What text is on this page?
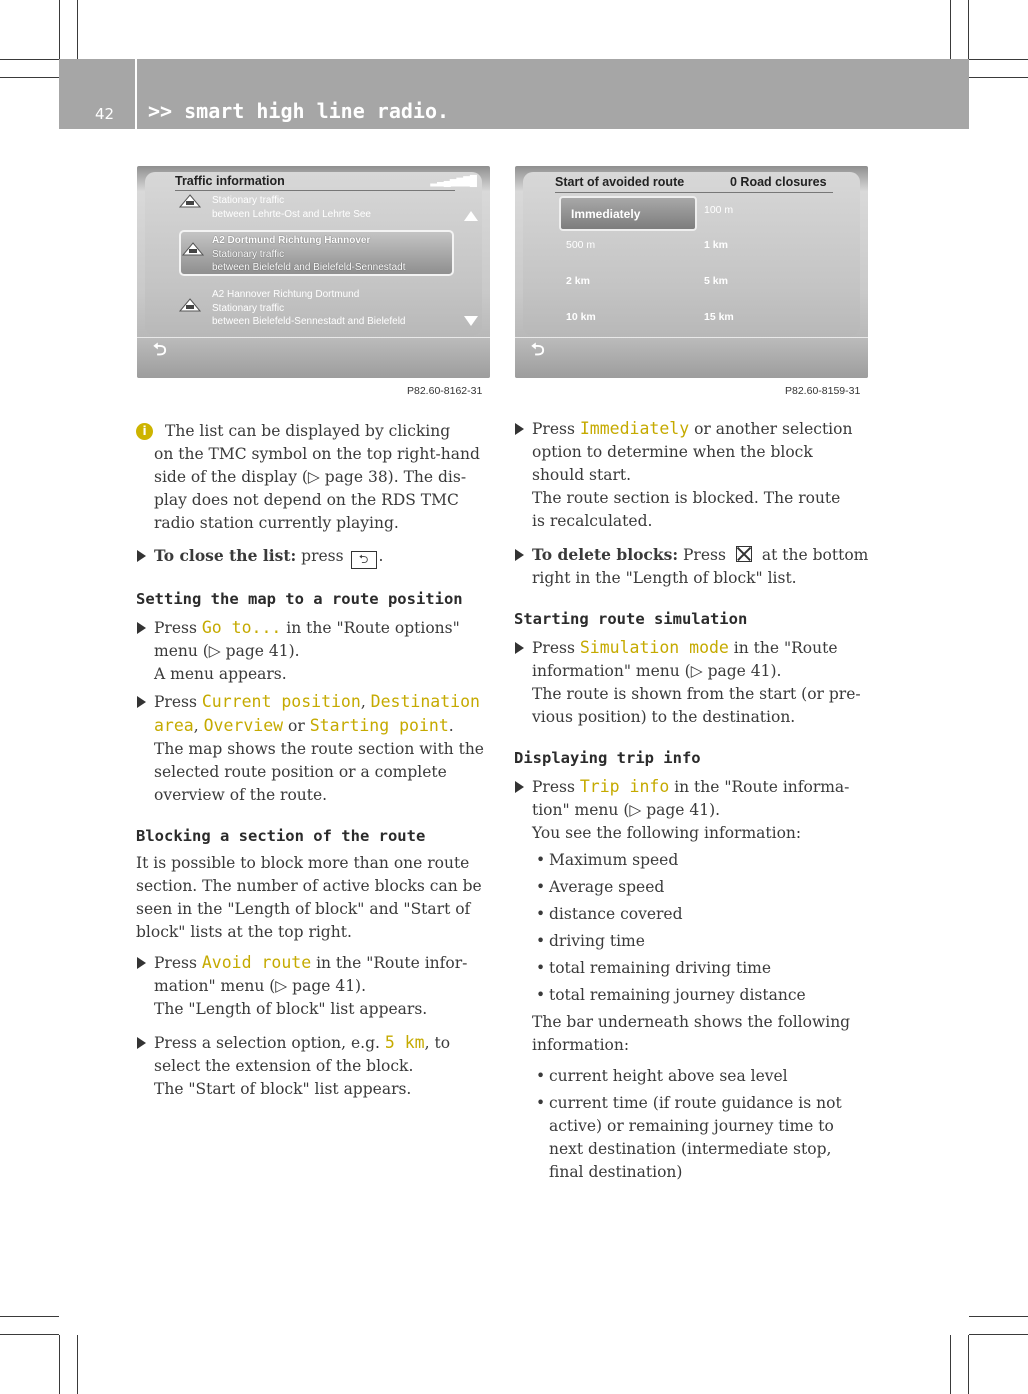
42 >> smart high line radio.
Traffic information	▂▃▄▅▆▇█
Stationary traffic
between Lehrte-Ost and Lehrte See
A2 Dortmund Richtung Hannover
Stationary traffic
between Bielefeld and Bielefeld-Sennestadt
A2 Hannover Richtung Dortmund
Stationary traffic
between Bielefeld-Sennestadt and Bielefeld
⮌
P82.60-8162-31
Start of avoided route	0 Road closures
Immediately	100 m
500 m	1 km
2 km	5 km
10 km	15 km
⮌
P82.60-8159-31
i	The list can be displayed by clicking
on the TMC symbol on the top right-hand
side of the display (▷ page 38). The dis-
play does not depend on the RDS TMC
radio station currently playing.
To close the list: press ⮌ .

Setting the map to a route position

Press Go to... in the "Route options"
menu (▷ page 41).
A menu appears.
Press Current position, Destination
area, Overview or Starting point.
The map shows the route section with the
selected route position or a complete
overview of the route.

Blocking a section of the route

It is possible to block more than one route
section. The number of active blocks can be
seen in the "Length of block" and "Start of
block" lists at the top right.
Press Avoid route in the "Route infor-
mation" menu (▷ page 41).
The "Length of block" list appears.
Press a selection option, e.g. 5 km, to
select the extension of the block.
The "Start of block" list appears.
Press Immediately or another selection
option to determine when the block
should start.
The route section is blocked. The route
is recalculated.
To delete blocks: Press at the bottom
right in the "Length of block" list.

Starting route simulation

Press Simulation mode in the "Route
information" menu (▷ page 41).
The route is shown from the start (or pre-
vious position) to the destination.

Displaying trip info

Press Trip info in the "Route informa-
tion" menu (▷ page 41).
You see the following information:
• Maximum speed
• Average speed
• distance covered
• driving time
• total remaining driving time
• total remaining journey distance
The bar underneath shows the following
information:
• current height above sea level
• current time (if route guidance is not
active) or remaining journey time to
next destination (intermediate stop,
final destination)
